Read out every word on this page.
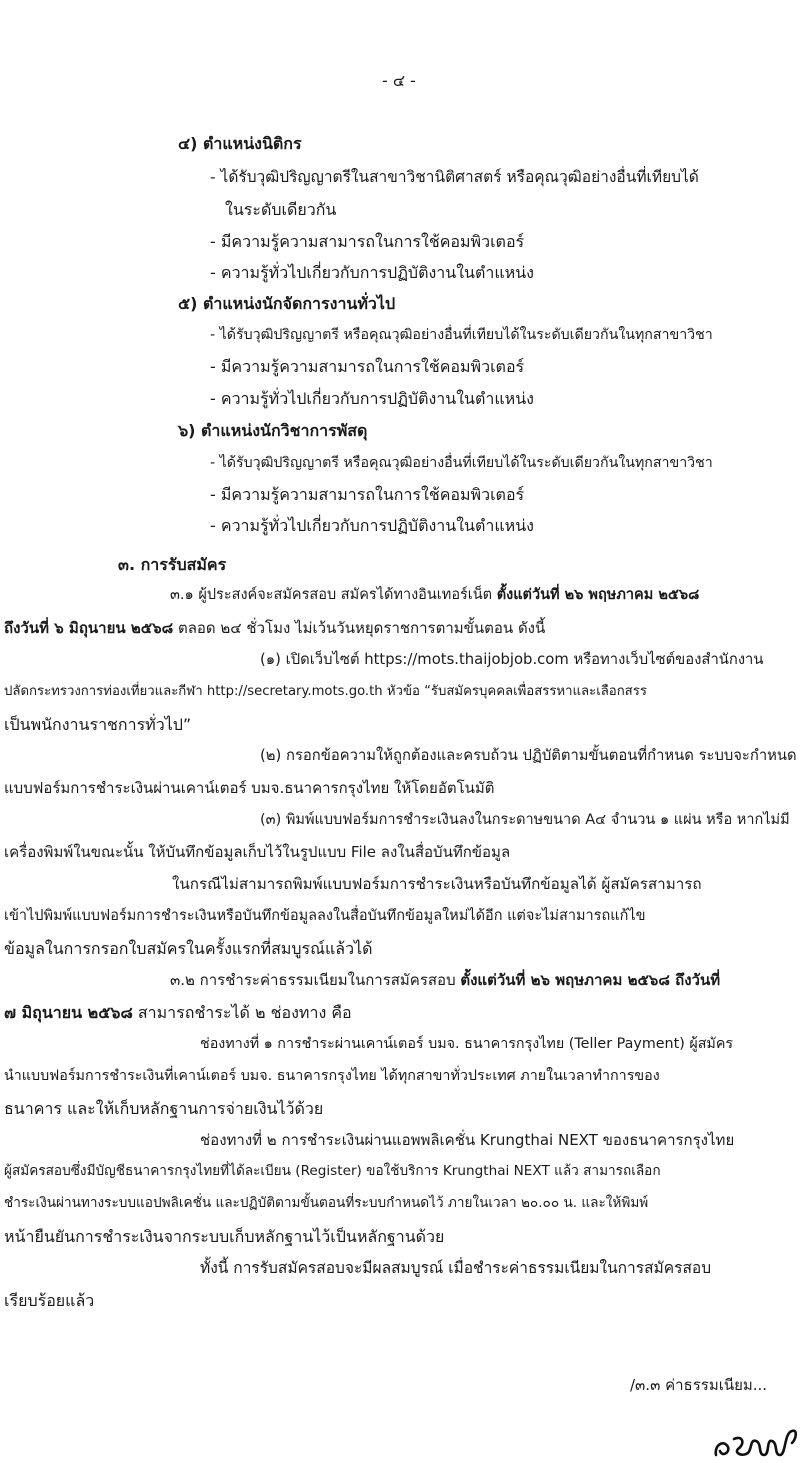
- ๔ -
๔) ตำแหน่งนิติกร
- ได้รับวุฒิปริญญาตรีในสาขาวิชานิติศาสตร์ หรือคุณวุฒิอย่างอื่นที่เทียบได้
ในระดับเดียวกัน
- มีความรู้ความสามารถในการใช้คอมพิวเตอร์
- ความรู้ทั่วไปเกี่ยวกับการปฏิบัติงานในตำแหน่ง
๕) ตำแหน่งนักจัดการงานทั่วไป
- ได้รับวุฒิปริญญาตรี หรือคุณวุฒิอย่างอื่นที่เทียบได้ในระดับเดียวกันในทุกสาขาวิชา
- มีความรู้ความสามารถในการใช้คอมพิวเตอร์
- ความรู้ทั่วไปเกี่ยวกับการปฏิบัติงานในตำแหน่ง
๖) ตำแหน่งนักวิชาการพัสดุ
- ได้รับวุฒิปริญญาตรี หรือคุณวุฒิอย่างอื่นที่เทียบได้ในระดับเดียวกันในทุกสาขาวิชา
- มีความรู้ความสามารถในการใช้คอมพิวเตอร์
- ความรู้ทั่วไปเกี่ยวกับการปฏิบัติงานในตำแหน่ง
๓. การรับสมัคร
๓.๑ ผู้ประสงค์จะสมัครสอบ สมัครได้ทางอินเทอร์เน็ต ตั้งแต่วันที่ ๒๖ พฤษภาคม ๒๕๖๘
ถึงวันที่ ๖ มิถุนายน ๒๕๖๘ ตลอด ๒๔ ชั่วโมง ไม่เว้นวันหยุดราชการตามขั้นตอน ดังนี้
(๑) เปิดเว็บไซต์ https://mots.thaijobjob.com หรือทางเว็บไซต์ของสำนักงาน
ปลัดกระทรวงการท่องเที่ยวและกีฬา http://secretary.mots.go.th หัวข้อ “รับสมัครบุคคลเพื่อสรรหาและเลือกสรร
เป็นพนักงานราชการทั่วไป”
(๒) กรอกข้อความให้ถูกต้องและครบถ้วน ปฏิบัติตามขั้นตอนที่กำหนด ระบบจะกำหนด
แบบฟอร์มการชำระเงินผ่านเคาน์เตอร์ บมจ.ธนาคารกรุงไทย ให้โดยอัตโนมัติ
(๓) พิมพ์แบบฟอร์มการชำระเงินลงในกระดาษขนาด A๔ จำนวน ๑ แผ่น หรือ หากไม่มี
เครื่องพิมพ์ในขณะนั้น ให้บันทึกข้อมูลเก็บไว้ในรูปแบบ File ลงในสื่อบันทึกข้อมูล
ในกรณีไม่สามารถพิมพ์แบบฟอร์มการชำระเงินหรือบันทึกข้อมูลได้ ผู้สมัครสามารถ
เข้าไปพิมพ์แบบฟอร์มการชำระเงินหรือบันทึกข้อมูลลงในสื่อบันทึกข้อมูลใหม่ได้อีก แต่จะไม่สามารถแก้ไข
ข้อมูลในการกรอกใบสมัครในครั้งแรกที่สมบูรณ์แล้วได้
๓.๒ การชำระค่าธรรมเนียมในการสมัครสอบ ตั้งแต่วันที่ ๒๖ พฤษภาคม ๒๕๖๘ ถึงวันที่
๗ มิถุนายน ๒๕๖๘ สามารถชำระได้ ๒ ช่องทาง คือ
ช่องทางที่ ๑ การชำระผ่านเคาน์เตอร์ บมจ. ธนาคารกรุงไทย (Teller Payment) ผู้สมัคร
นำแบบฟอร์มการชำระเงินที่เคาน์เตอร์ บมจ. ธนาคารกรุงไทย ได้ทุกสาขาทั่วประเทศ ภายในเวลาทำการของ
ธนาคาร และให้เก็บหลักฐานการจ่ายเงินไว้ด้วย
ช่องทางที่ ๒ การชำระเงินผ่านแอพพลิเคชั่น Krungthai NEXT ของธนาคารกรุงไทย
ผู้สมัครสอบซึ่งมีบัญชีธนาคารกรุงไทยที่ได้ละเบียน (Register) ขอใช้บริการ Krungthai NEXT แล้ว สามารถเลือก
ชำระเงินผ่านทางระบบแอปพลิเคชั่น และปฏิบัติตามขั้นตอนที่ระบบกำหนดไว้ ภายในเวลา ๒๐.๐๐ น. และให้พิมพ์
หน้ายืนยันการชำระเงินจากระบบเก็บหลักฐานไว้เป็นหลักฐานด้วย
ทั้งนี้ การรับสมัครสอบจะมีผลสมบูรณ์ เมื่อชำระค่าธรรมเนียมในการสมัครสอบ
เรียบร้อยแล้ว
/๓.๓ ค่าธรรมเนียม...
